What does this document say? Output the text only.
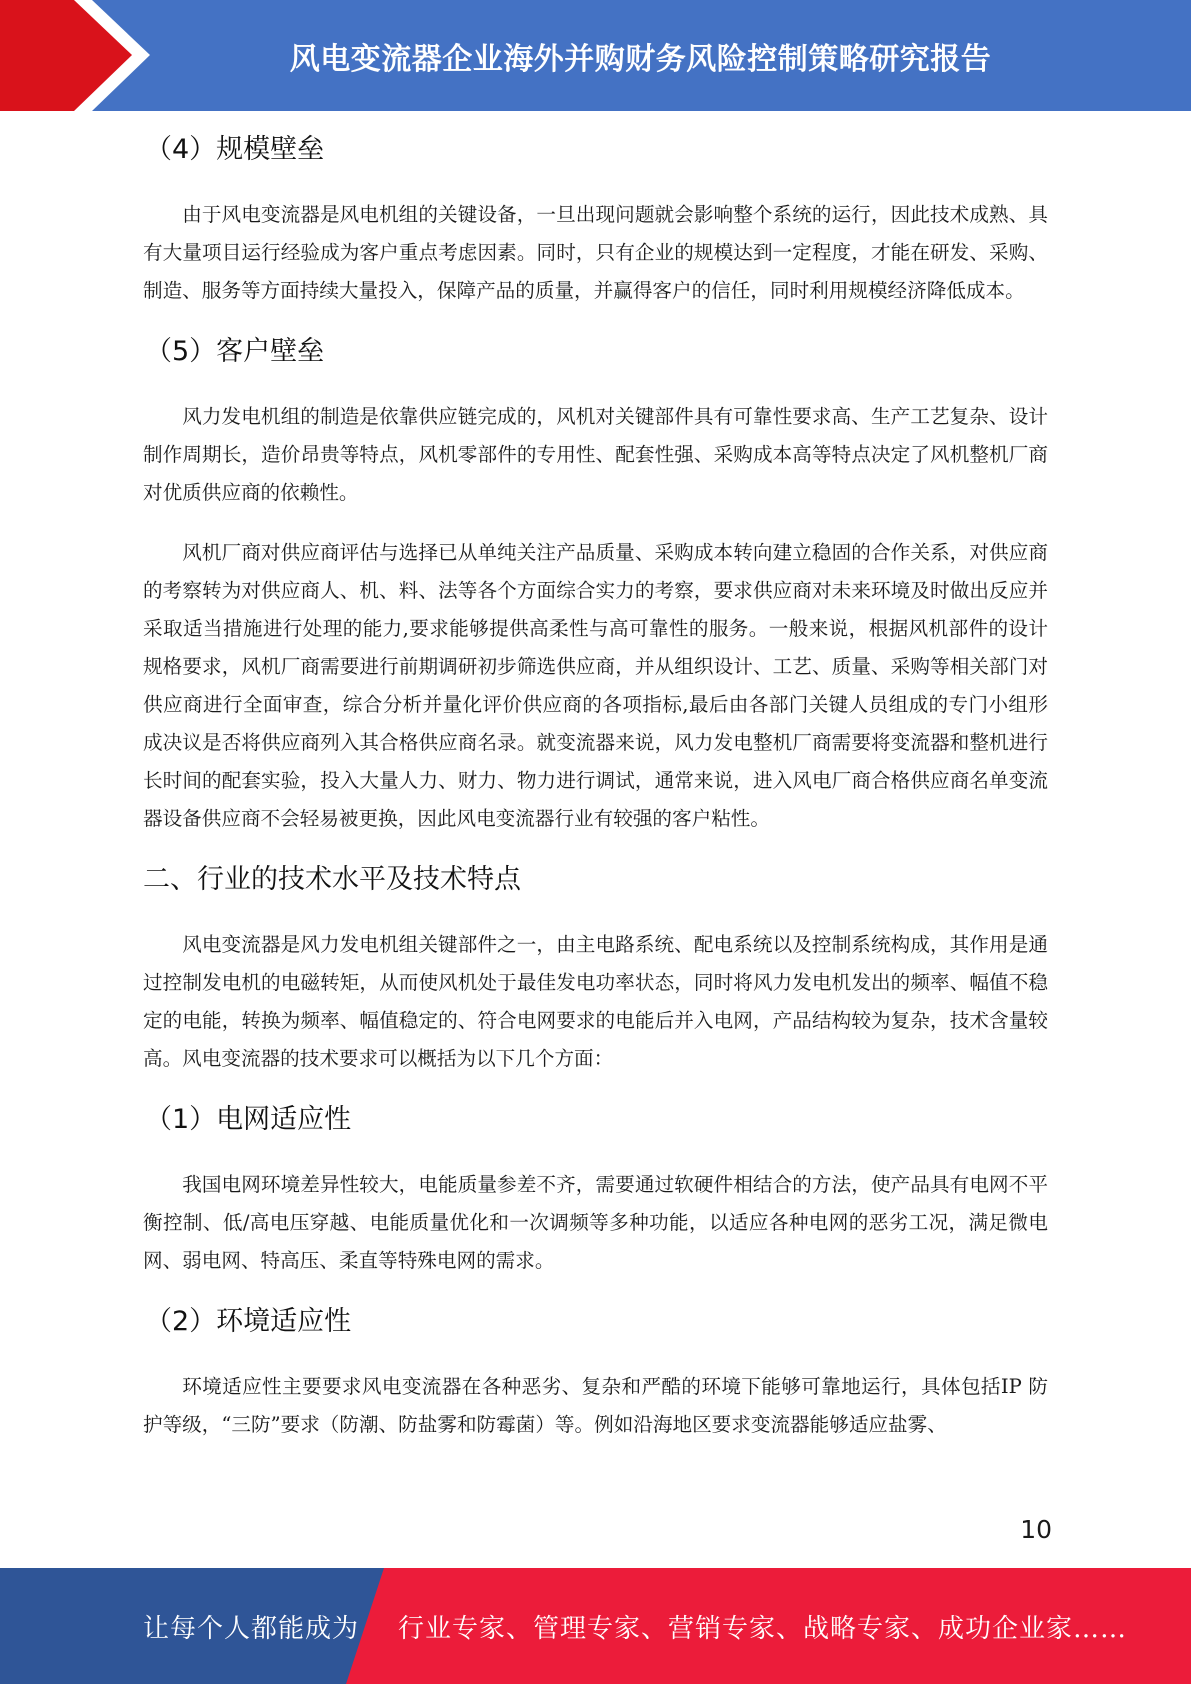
风电变流器企业海外并购财务风险控制策略研究报告
（4）规模壁垒

由于风电变流器是风电机组的关键设备，一旦出现问题就会影响整个系统的运行，因此技术成熟、具有大量项目运行经验成为客户重点考虑因素。同时，只有企业的规模达到一定程度，才能在研发、采购、制造、服务等方面持续大量投入，保障产品的质量，并赢得客户的信任，同时利用规模经济降低成本。

（5）客户壁垒

风力发电机组的制造是依靠供应链完成的，风机对关键部件具有可靠性要求高、生产工艺复杂、设计制作周期长，造价昂贵等特点，风机零部件的专用性、配套性强、采购成本高等特点决定了风机整机厂商对优质供应商的依赖性。

风机厂商对供应商评估与选择已从单纯关注产品质量、采购成本转向建立稳固的合作关系，对供应商的考察转为对供应商人、机、料、法等各个方面综合实力的考察，要求供应商对未来环境及时做出反应并采取适当措施进行处理的能力,要求能够提供高柔性与高可靠性的服务。一般来说，根据风机部件的设计规格要求，风机厂商需要进行前期调研初步筛选供应商，并从组织设计、工艺、质量、采购等相关部门对供应商进行全面审查，综合分析并量化评价供应商的各项指标,最后由各部门关键人员组成的专门小组形成决议是否将供应商列入其合格供应商名录。就变流器来说，风力发电整机厂商需要将变流器和整机进行长时间的配套实验，投入大量人力、财力、物力进行调试，通常来说，进入风电厂商合格供应商名单变流器设备供应商不会轻易被更换，因此风电变流器行业有较强的客户粘性。

二、行业的技术水平及技术特点

风电变流器是风力发电机组关键部件之一，由主电路系统、配电系统以及控制系统构成，其作用是通过控制发电机的电磁转矩，从而使风机处于最佳发电功率状态，同时将风力发电机发出的频率、幅值不稳定的电能，转换为频率、幅值稳定的、符合电网要求的电能后并入电网，产品结构较为复杂，技术含量较高。风电变流器的技术要求可以概括为以下几个方面：

（1）电网适应性

我国电网环境差异性较大，电能质量参差不齐，需要通过软硬件相结合的方法，使产品具有电网不平衡控制、低/高电压穿越、电能质量优化和一次调频等多种功能，以适应各种电网的恶劣工况，满足微电网、弱电网、特高压、柔直等特殊电网的需求。

（2）环境适应性

环境适应性主要要求风电变流器在各种恶劣、复杂和严酷的环境下能够可靠地运行，具体包括IP 防护等级，“三防”要求（防潮、防盐雾和防霉菌）等。例如沿海地区要求变流器能够适应盐雾、

10
让每个人都能成为 行业专家、管理专家、营销专家、战略专家、成功企业家……
